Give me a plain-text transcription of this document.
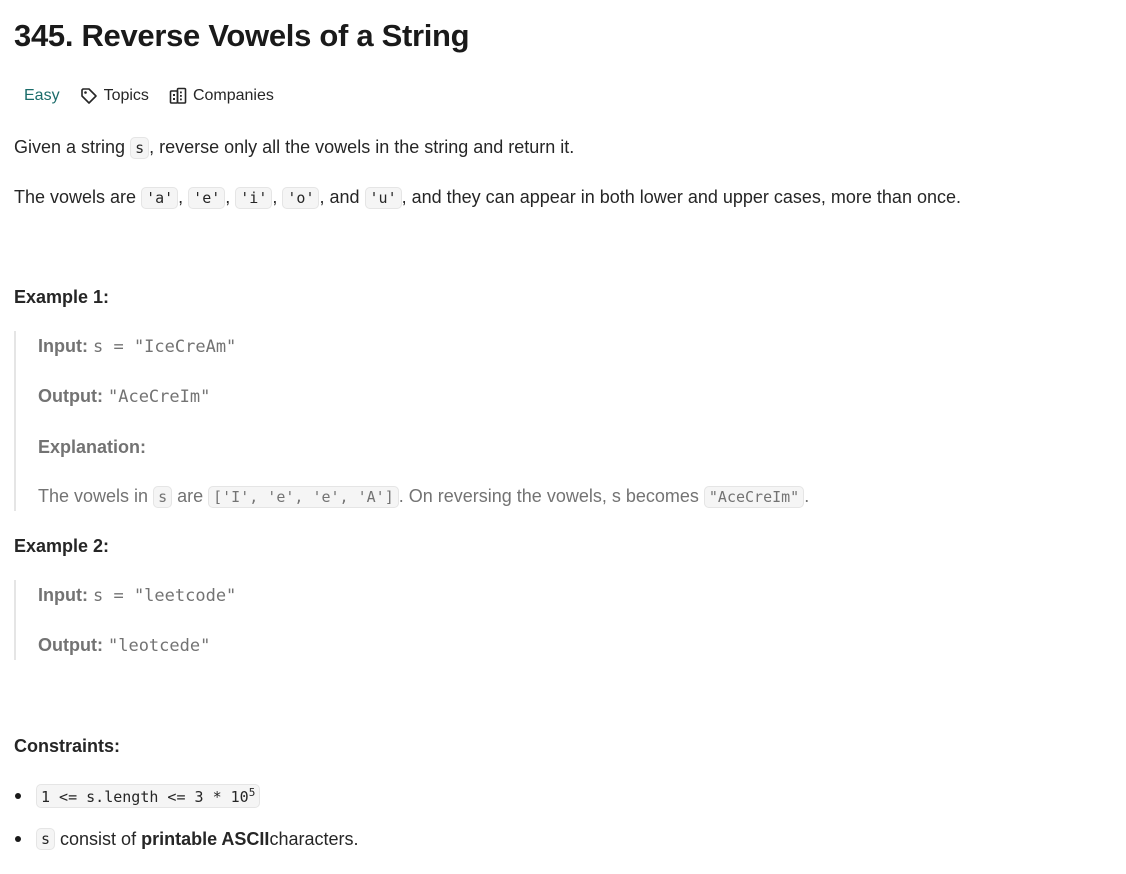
345. Reverse Vowels of a String
Easy	Topics	Companies

Given a string s , reverse only all the vowels in the string and return it.

The vowels are 'a' , 'e' , 'i' , 'o' , and 'u' , and they can appear in both lower and upper cases, more than once.

Example 1:

Input: s = "IceCreAm"

Output: "AceCreIm"

Explanation:

The vowels in s are ['I', 'e', 'e', 'A'] . On reversing the vowels, s becomes "AceCreIm" .

Example 2:

Input: s = "leetcode"

Output: "leotcede"

Constraints:
1 <= s.length <= $3 * 10^5$
s consist of printable ASCII characters.
